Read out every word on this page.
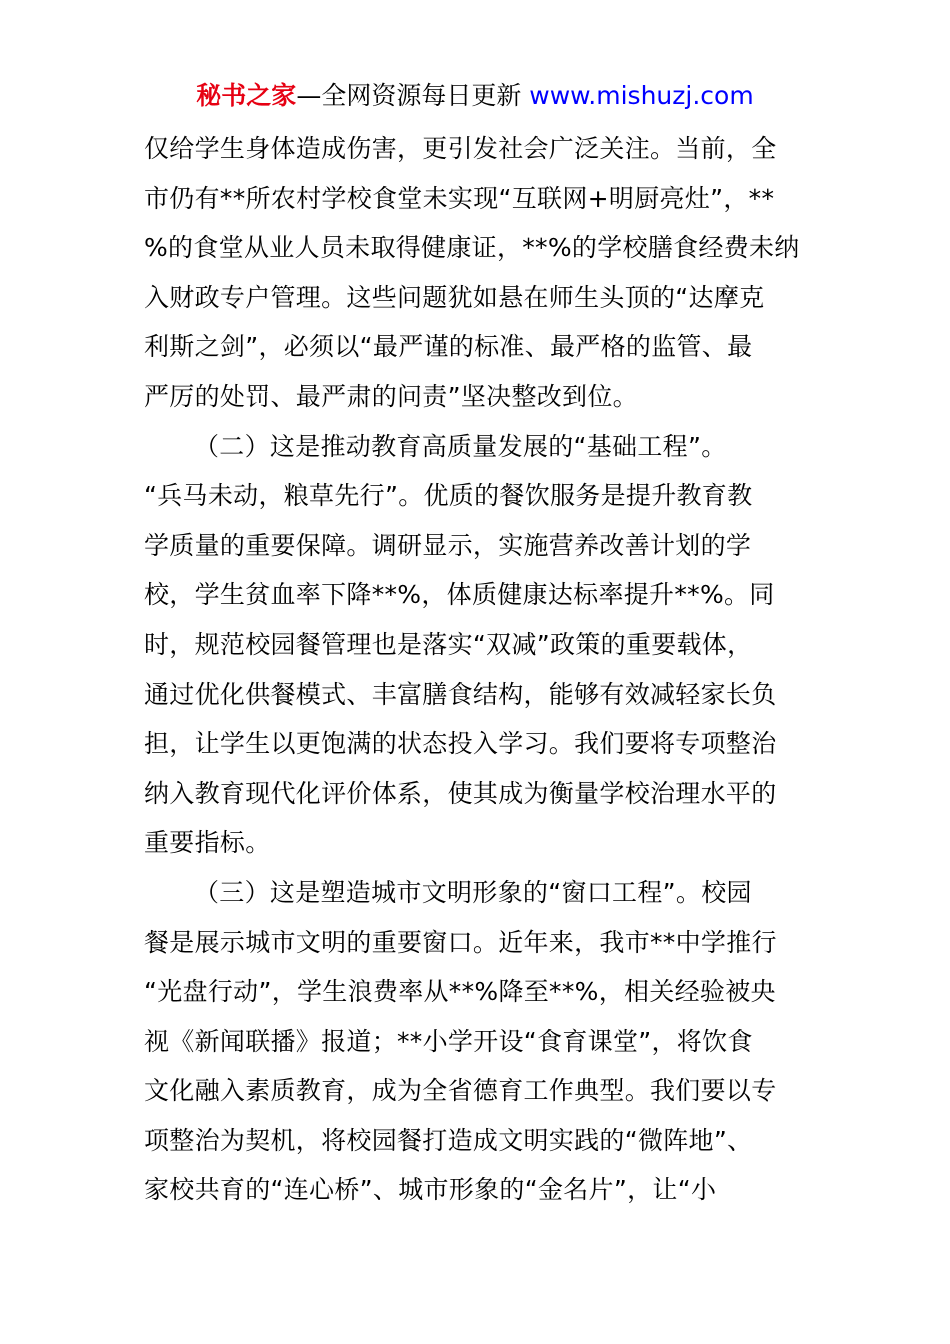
秘书之家—全网资源每日更新 www.mishuzj.com
仅给学生身体造成伤害，更引发社会广泛关注。当前，全
市仍有**所农村学校食堂未实现“互联网+明厨亮灶”，**
%的食堂从业人员未取得健康证，**%的学校膳食经费未纳
入财政专户管理。这些问题犹如悬在师生头顶的“达摩克
利斯之剑”，必须以“最严谨的标准、最严格的监管、最
严厉的处罚、最严肃的问责”坚决整改到位。
（二）这是推动教育高质量发展的“基础工程”。
“兵马未动，粮草先行”。优质的餐饮服务是提升教育教
学质量的重要保障。调研显示，实施营养改善计划的学
校，学生贫血率下降**%，体质健康达标率提升**%。同
时，规范校园餐管理也是落实“双减”政策的重要载体，
通过优化供餐模式、丰富膳食结构，能够有效减轻家长负
担，让学生以更饱满的状态投入学习。我们要将专项整治
纳入教育现代化评价体系，使其成为衡量学校治理水平的
重要指标。
（三）这是塑造城市文明形象的“窗口工程”。校园
餐是展示城市文明的重要窗口。近年来，我市**中学推行
“光盘行动”，学生浪费率从**%降至**%，相关经验被央
视《新闻联播》报道；**小学开设“食育课堂”，将饮食
文化融入素质教育，成为全省德育工作典型。我们要以专
项整治为契机，将校园餐打造成文明实践的“微阵地”、
家校共育的“连心桥”、城市形象的“金名片”，让“小
